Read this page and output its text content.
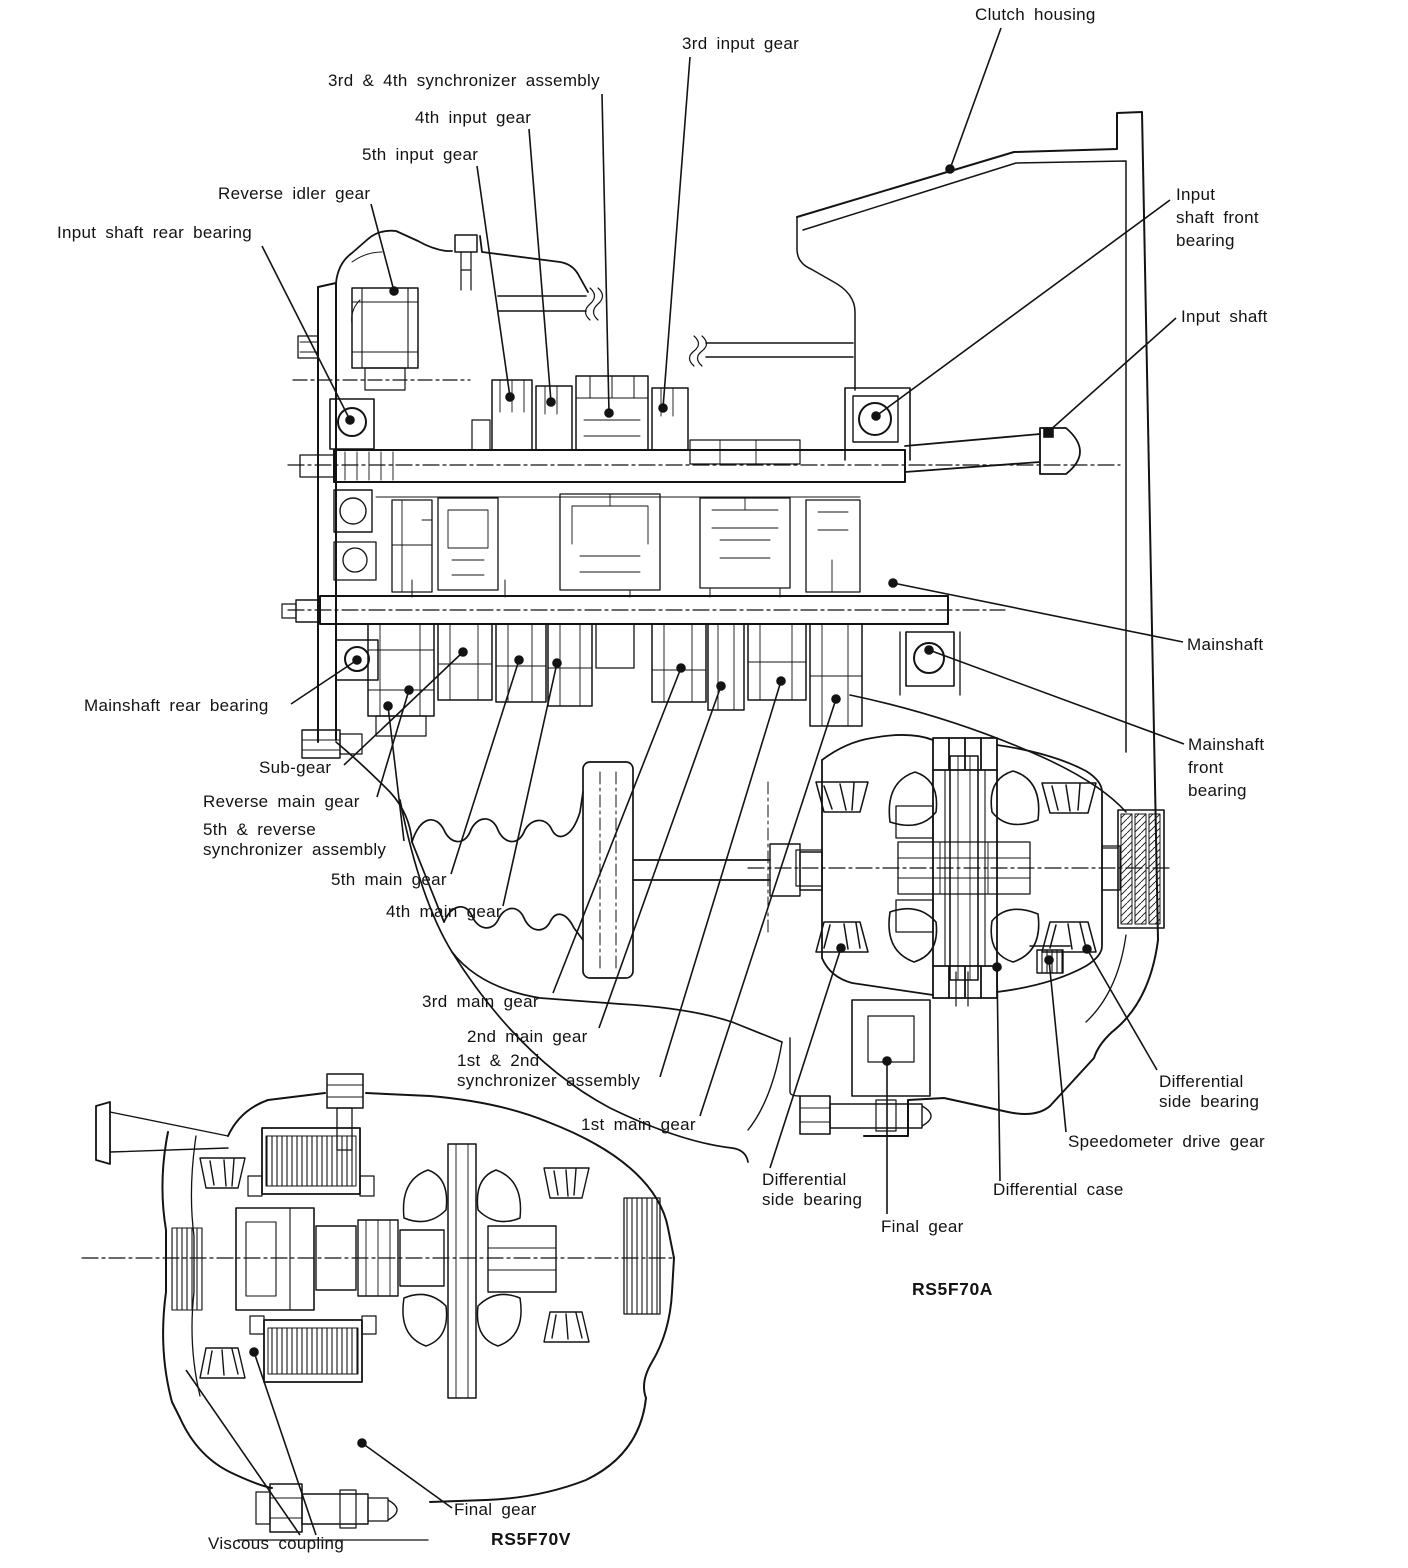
Clutch housing
3rd input gear
3rd & 4th synchronizer assembly
4th input gear
5th input gear
Reverse idler gear
Input shaft rear bearing
Input
shaft front
bearing
Input shaft
Mainshaft
Mainshaft
front
bearing
Mainshaft rear bearing
Sub-gear
Reverse main gear
5th & reverse
synchronizer assembly
5th main gear
4th main gear
3rd main gear
2nd main gear
1st & 2nd
synchronizer assembly
1st main gear
Differential
side bearing
Final gear
Differential case
Speedometer drive gear
Differential
side bearing
RS5F70A
Viscous coupling
Final gear
RS5F70V
